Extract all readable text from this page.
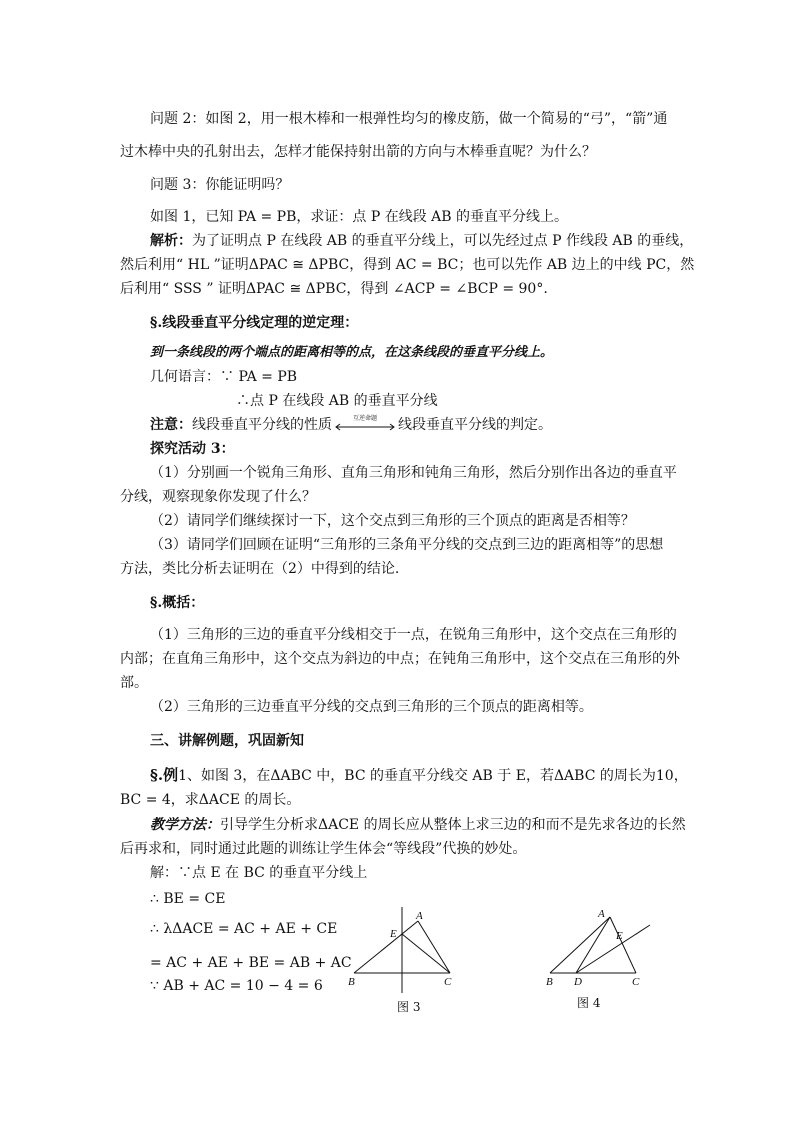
问题 2：如图 2，用一根木棒和一根弹性均匀的橡皮筋，做一个简易的“弓”，“箭”通
过木棒中央的孔射出去，怎样才能保持射出箭的方向与木棒垂直呢？为什么？
问题 3：你能证明吗？
如图 1，已知 PA = PB，求证：点 P 在线段 AB 的垂直平分线上。
解析：为了证明点 P 在线段 AB 的垂直平分线上，可以先经过点 P 作线段 AB 的垂线，
然后利用“ HL ”证明ΔPAC ≅ ΔPBC，得到 AC = BC；也可以先作 AB 边上的中线 PC，然
后利用“ SSS ” 证明ΔPAC ≅ ΔPBC，得到 ∠ACP = ∠BCP = 90°.
§.线段垂直平分线定理的逆定理：
到一条线段的两个端点的距离相等的点，在这条线段的垂直平分线上。
几何语言：∵ PA = PB
∴点 P 在线段 AB 的垂直平分线
注意：线段垂直平分线的性质	互逆命题	线段垂直平分线的判定。
探究活动 3：
（1）分别画一个锐角三角形、直角三角形和钝角三角形，然后分别作出各边的垂直平
分线，观察现象你发现了什么？
（2）请同学们继续探讨一下，这个交点到三角形的三个顶点的距离是否相等？
（3）请同学们回顾在证明“三角形的三条角平分线的交点到三边的距离相等”的思想
方法，类比分析去证明在（2）中得到的结论.
§.概括：
（1）三角形的三边的垂直平分线相交于一点，在锐角三角形中，这个交点在三角形的
内部；在直角三角形中，这个交点为斜边的中点；在钝角三角形中，这个交点在三角形的外
部。
（2）三角形的三边垂直平分线的交点到三角形的三个顶点的距离相等。
三、讲解例题，巩固新知
§.例1、如图 3，在ΔABC 中，BC 的垂直平分线交 AB 于 E，若ΔABC 的周长为10，
BC = 4，求ΔACE 的周长。
教学方法：引导学生分析求ΔACE 的周长应从整体上求三边的和而不是先求各边的长然
后再求和，同时通过此题的训练让学生体会“等线段”代换的妙处。
解：∵点 E 在 BC 的垂直平分线上
∴ BE = CE
∴ λΔACE = AC + AE + CE
= AC + AE + BE = AB + AC
∵ AB + AC = 10 − 4 = 6
A
E
B	C
图 3
A
E
B D	C
图 4
